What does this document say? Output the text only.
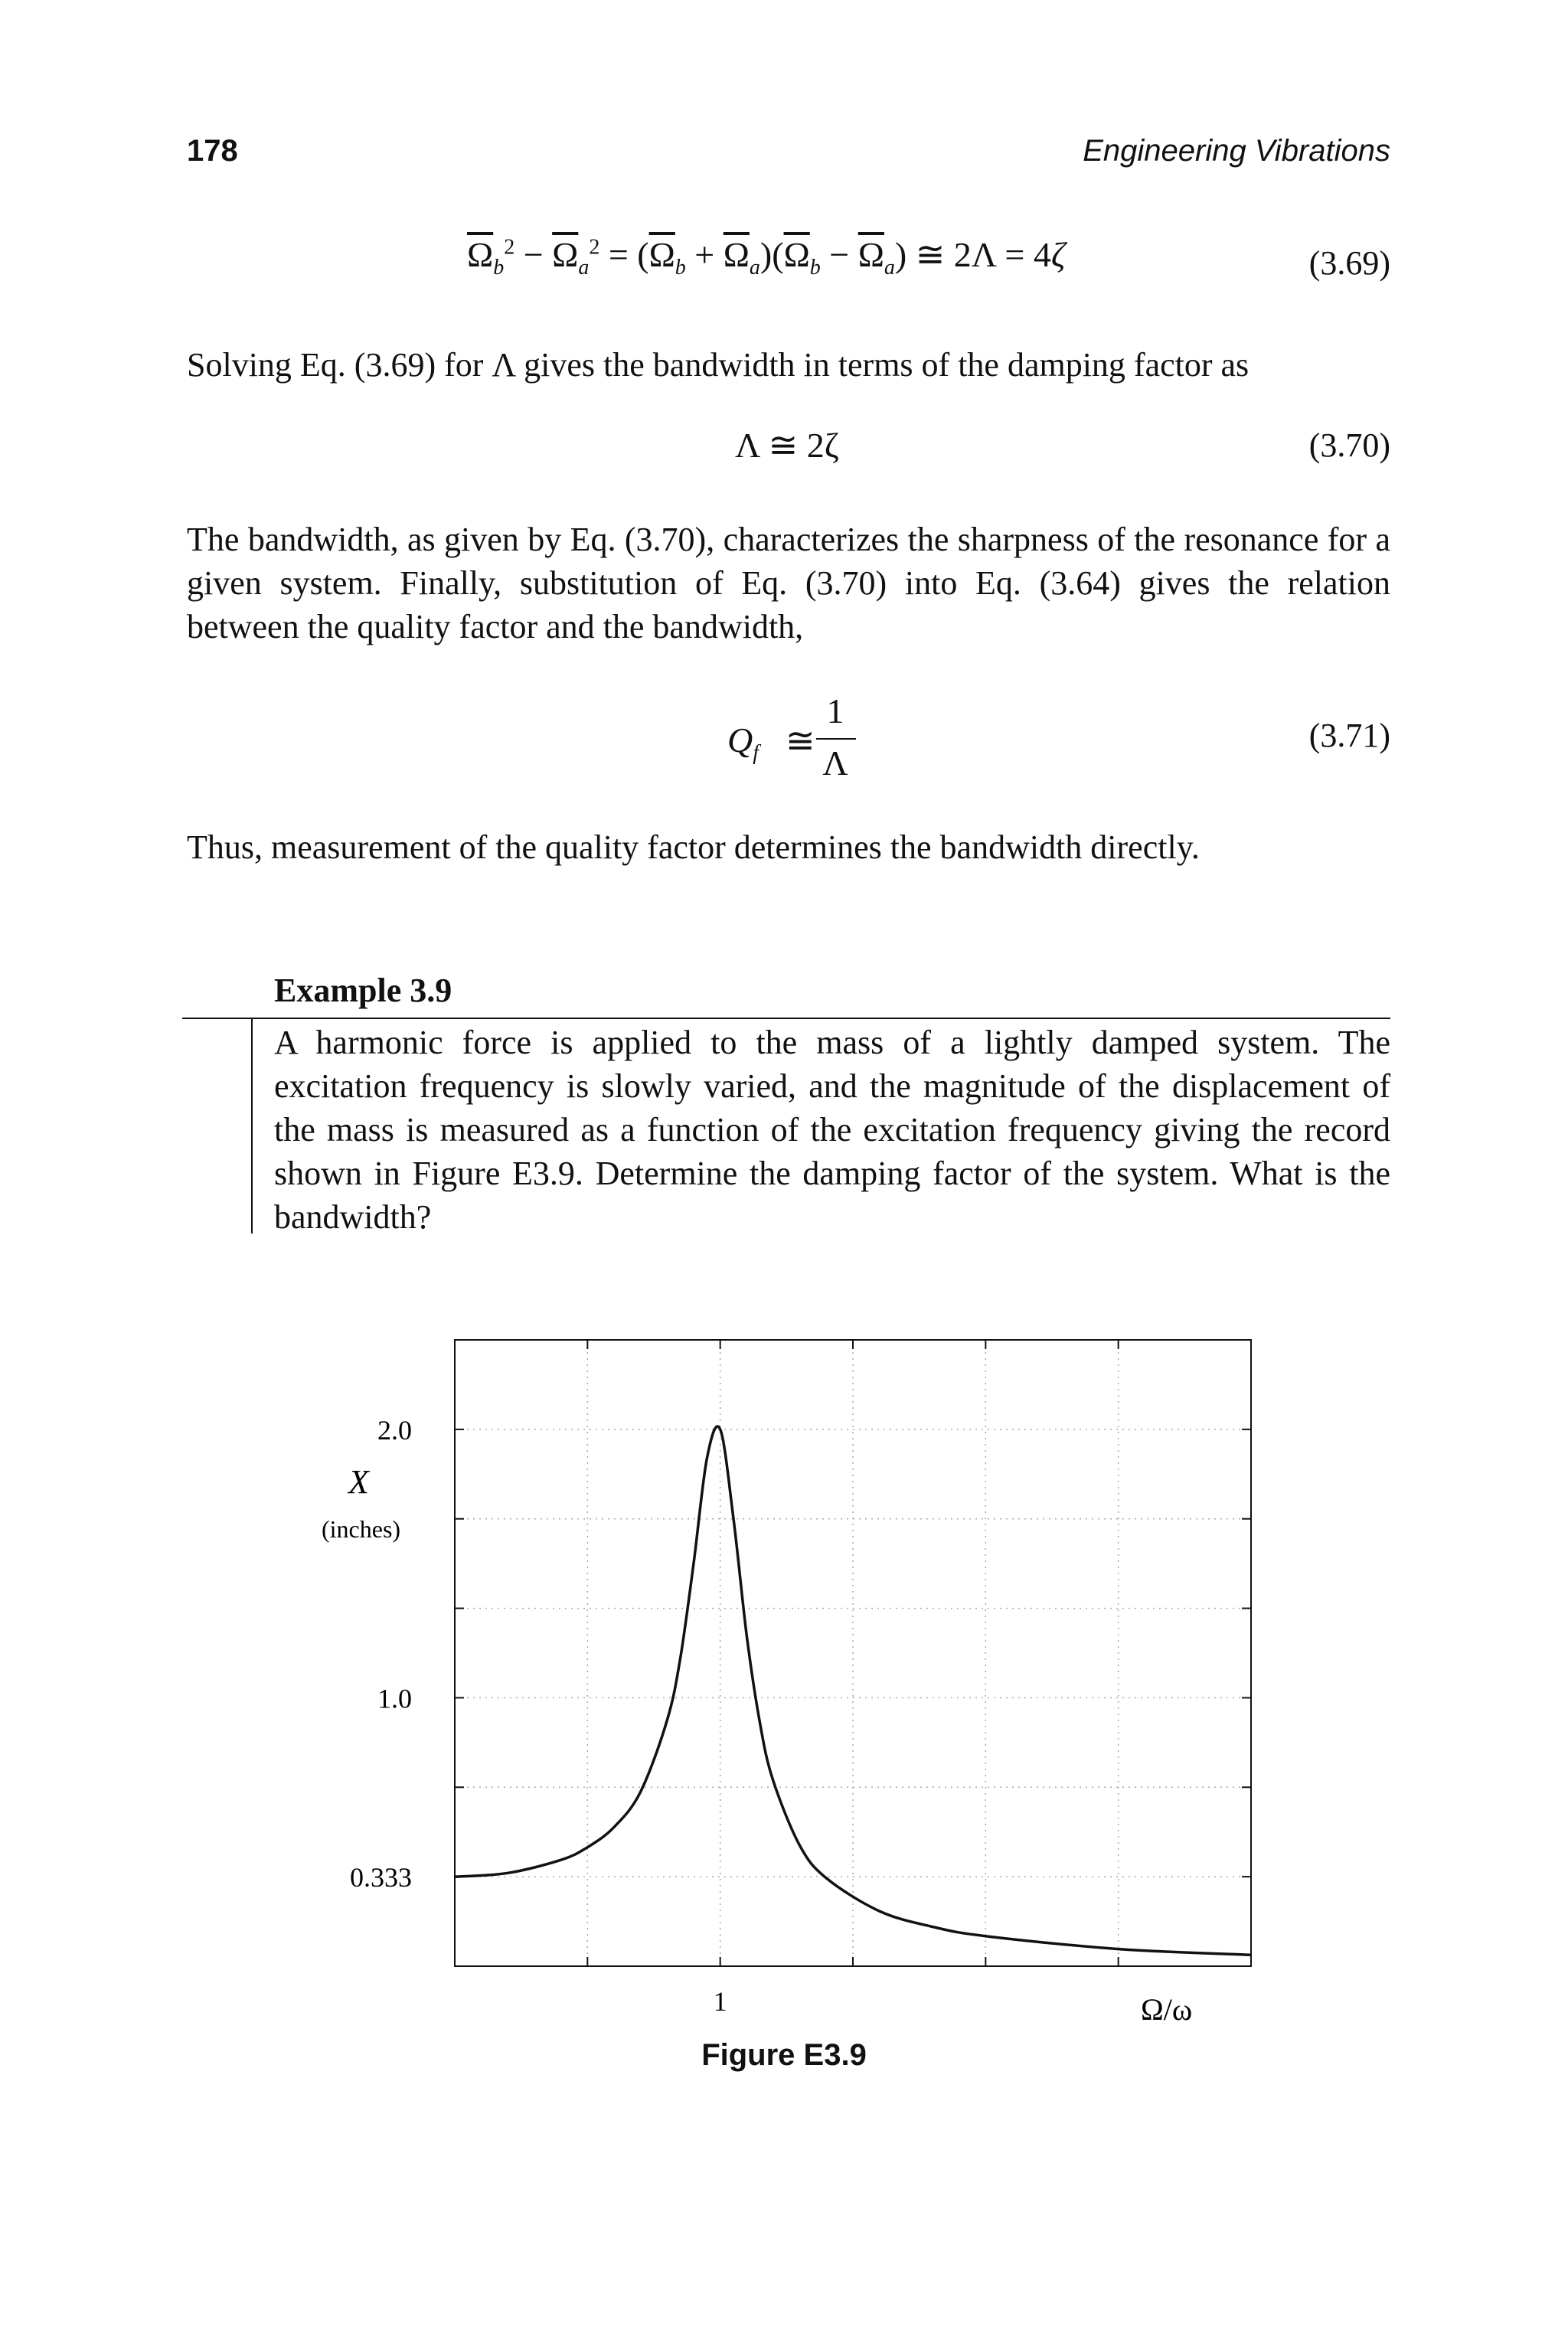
178	Engineering Vibrations
$\overline{\Omega}_b^2 - \overline{\Omega}_a^2 = (\overline{\Omega}_b + \overline{\Omega}_a)(\overline{\Omega}_b - \overline{\Omega}_a)$ ≅ 2Λ = 4ζ	(3.69)
Solving Eq. (3.69) for Λ gives the bandwidth in terms of the damping factor as
Λ ≅ 2ζ	(3.70)
The bandwidth, as given by Eq. (3.70), characterizes the sharpness of the resonance for a given system. Finally, substitution of Eq. (3.70) into Eq. (3.64) gives the relation between the quality factor and the bandwidth,
$Q_f$ ≅
1
Λ
(3.71)
Thus, measurement of the quality factor determines the bandwidth directly.
Example 3.9
A harmonic force is applied to the mass of a lightly damped system. The excitation frequency is slowly varied, and the magnitude of the displacement of the mass is measured as a function of the excitation frequency giving the record shown in Figure E3.9. Determine the damping factor of the system. What is the bandwidth?
2.0
1.0
0.333
1
X
(inches)
Ω/ω
Figure E3.9
